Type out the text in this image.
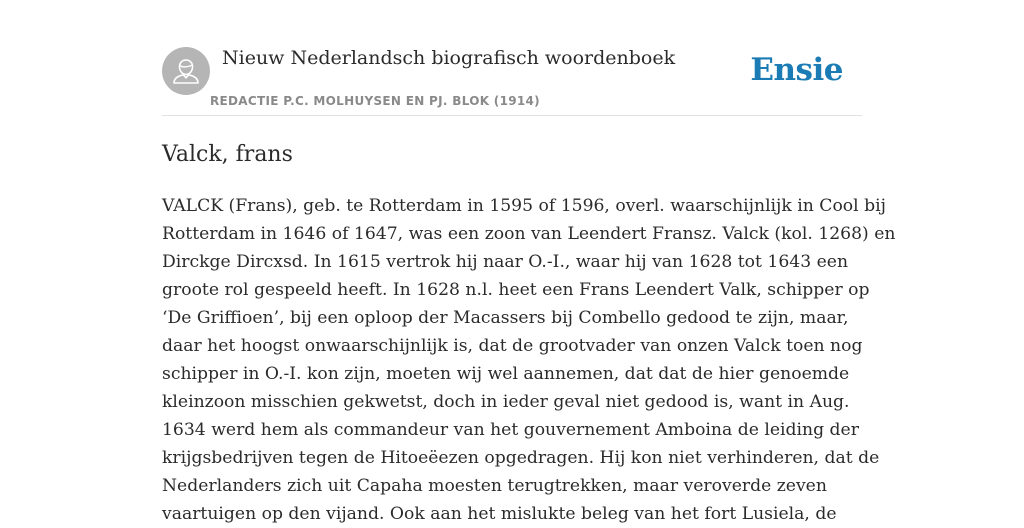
Nieuw Nederlandsch biografisch woordenboek
REDACTIE P.C. MOLHUYSEN EN PJ. BLOK (1914)
Ensie
Valck, frans
VALCK (Frans), geb. te Rotterdam in 1595 of 1596, overl. waarschijnlijk in Cool bij
Rotterdam in 1646 of 1647, was een zoon van Leendert Fransz. Valck (kol. 1268) en
Dirckge Dircxsd. In 1615 vertrok hij naar O.-I., waar hij van 1628 tot 1643 een
groote rol gespeeld heeft. In 1628 n.l. heet een Frans Leendert Valk, schipper op
‘De Griffioen’, bij een oploop der Macassers bij Combello gedood te zijn, maar,
daar het hoogst onwaarschijnlijk is, dat de grootvader van onzen Valck toen nog
schipper in O.-I. kon zijn, moeten wij wel aannemen, dat dat de hier genoemde
kleinzoon misschien gekwetst, doch in ieder geval niet gedood is, want in Aug.
1634 werd hem als commandeur van het gouvernement Amboina de leiding der
krijgsbedrijven tegen de Hitoeëezen opgedragen. Hij kon niet verhinderen, dat de
Nederlanders zich uit Capaha moesten terugtrekken, maar veroverde zeven
vaartuigen op den vijand. Ook aan het mislukte beleg van het fort Lusiela, de
